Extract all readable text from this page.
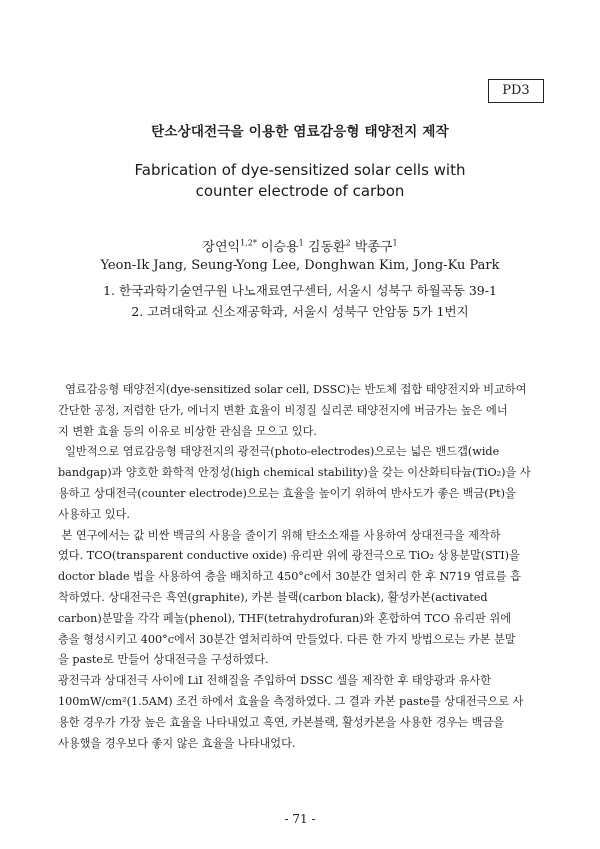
PD3
탄소상대전극을 이용한 염료감응형 태양전지 제작
Fabrication of dye-sensitized solar cells with
counter electrode of carbon
장연익$^{1,2*}$ 이승용$^1$ 김동환$^2$ 박종구$^1$
Yeon-Ik Jang, Seung-Yong Lee, Donghwan Kim, Jong-Ku Park
1. 한국과학기술연구원 나노재료연구센터, 서울시 성북구 하월곡동 39-1
2. 고려대학교 신소재공학과, 서울시 성북구 안암동 5가 1번지
염료감응형 태양전지(dye-sensitized solar cell, DSSC)는 반도체 접합 태양전지와 비교하여
간단한 공정, 저렴한 단가, 에너지 변환 효율이 비정질 실리콘 태양전지에 버금가는 높은 에너
지 변환 효율 등의 이유로 비상한 관심을 모으고 있다.
일반적으로 염료감응형 태양전지의 광전극(photo-electrodes)으로는 넓은 밴드갭(wide
bandgap)과 양호한 화학적 안정성(high chemical stability)을 갖는 이산화티타늄(TiO₂)을 사
용하고 상대전극(counter electrode)으로는 효율을 높이기 위하여 반사도가 좋은 백금(Pt)을
사용하고 있다.
본 연구에서는 값 비싼 백금의 사용을 줄이기 위해 탄소소재를 사용하여 상대전극을 제작하
였다. TCO(transparent conductive oxide) 유리판 위에 광전극으로 TiO₂ 상용분말(STI)을
doctor blade 법을 사용하여 층을 배치하고 450°c에서 30분간 열처리 한 후 N719 염료를 흡
착하였다. 상대전극은 흑연(graphite), 카본 블랙(carbon black), 활성카본(activated
carbon)분말을 각각 페놀(phenol), THF(tetrahydrofuran)와 혼합하여 TCO 유리판 위에
층을 형성시키고 400°c에서 30분간 열처리하여 만들었다. 다른 한 가지 방법으로는 카본 분말
을 paste로 만들어 상대전극을 구성하였다.
광전극과 상대전극 사이에 LiI 전해질을 주입하여 DSSC 셀을 제작한 후 태양광과 유사한
100mW/cm²(1.5AM) 조건 하에서 효율을 측정하였다. 그 결과 카본 paste를 상대전극으로 사
용한 경우가 가장 높은 효율을 나타내었고 흑연, 카본블랙, 활성카본을 사용한 경우는 백금을
사용했을 경우보다 좋지 않은 효율을 나타내었다.
- 71 -
